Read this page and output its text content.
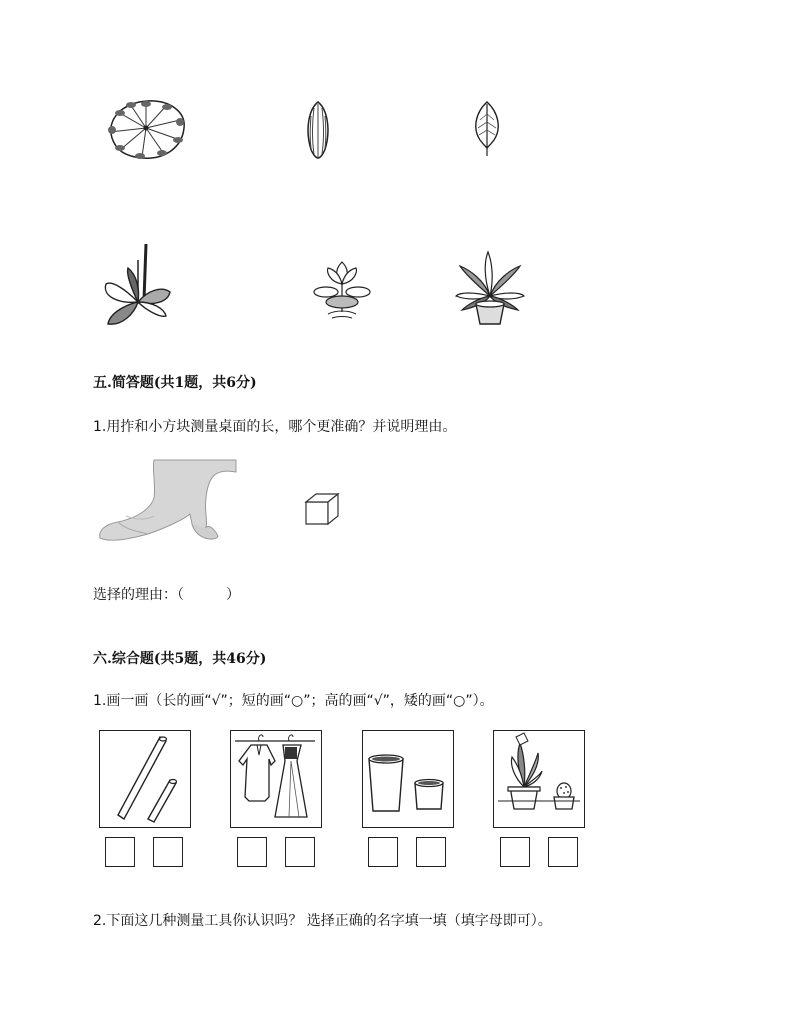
五.简答题(共1题，共6分)
1.用拃和小方块测量桌面的长，哪个更准确？并说明理由。
选择的理由：（　　　）
六.综合题(共5题，共46分)
1.画一画（长的画“√”；短的画“○”；高的画“√”，矮的画“○”）。
2.下面这几种测量工具你认识吗？ 选择正确的名字填一填（填字母即可）。
